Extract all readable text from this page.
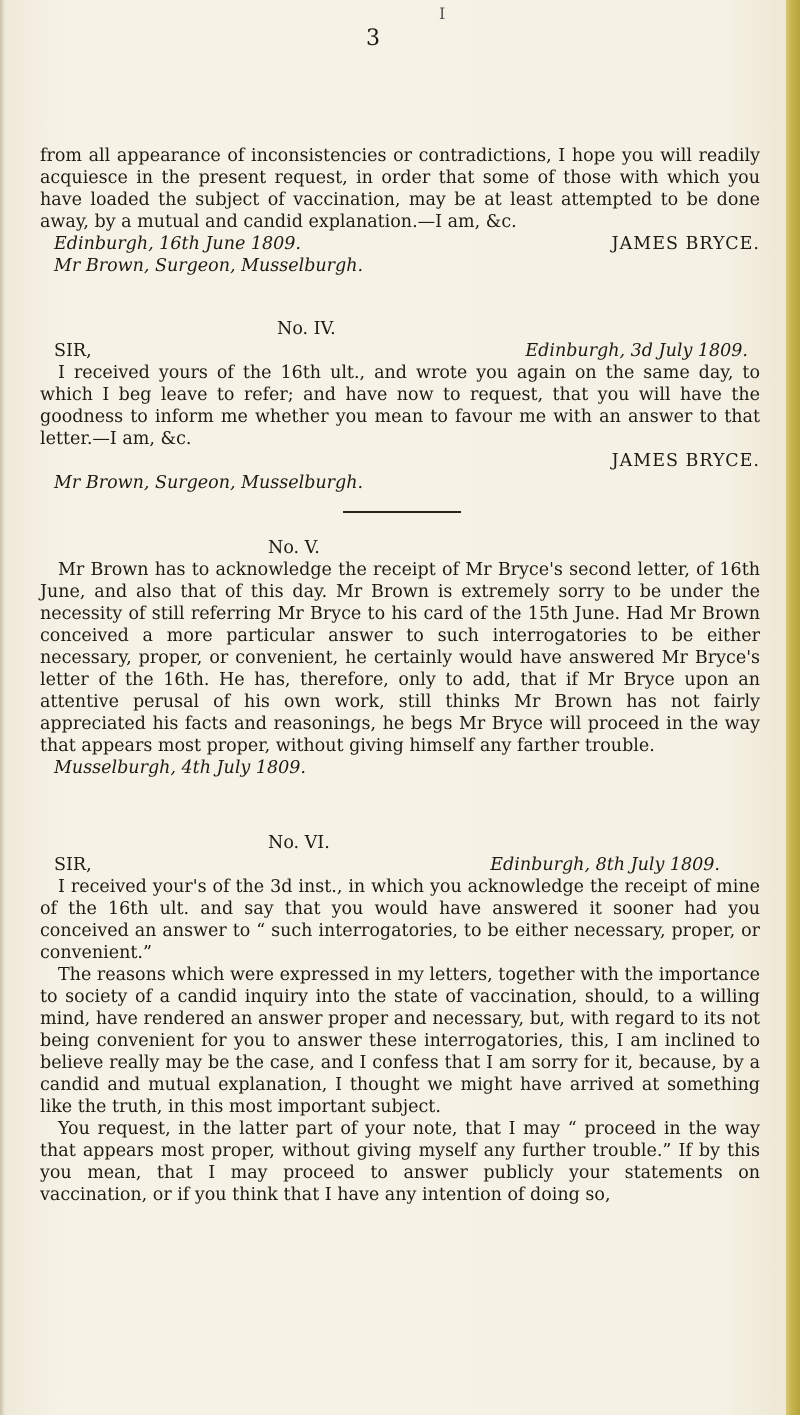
I
3

from all appearance of inconsistencies or contradictions, I hope you will readily acquiesce in the present request, in order that some of those with which you have loaded the subject of vaccination, may be at least attempted to be done away, by a mutual and candid explanation.—I am, &c.

Edinburgh, 16th June 1809.	JAMES BRYCE.

Mr Brown, Surgeon, Musselburgh.

No. IV.

SIR,	Edinburgh, 3d July 1809.

I received yours of the 16th ult., and wrote you again on the same day, to which I beg leave to refer; and have now to request, that you will have the goodness to inform me whether you mean to favour me with an answer to that letter.—I am, &c.

JAMES BRYCE.

Mr Brown, Surgeon, Musselburgh.

No. V.

Mr Brown has to acknowledge the receipt of Mr Bryce's second letter, of 16th June, and also that of this day. Mr Brown is extremely sorry to be under the necessity of still referring Mr Bryce to his card of the 15th June. Had Mr Brown conceived a more particular answer to such interrogatories to be either necessary, proper, or convenient, he certainly would have answered Mr Bryce's letter of the 16th. He has, therefore, only to add, that if Mr Bryce upon an attentive perusal of his own work, still thinks Mr Brown has not fairly appreciated his facts and reasonings, he begs Mr Bryce will proceed in the way that appears most proper, without giving himself any farther trouble.

Musselburgh, 4th July 1809.

No. VI.

SIR,	Edinburgh, 8th July 1809.

I received your's of the 3d inst., in which you acknowledge the receipt of mine of the 16th ult. and say that you would have answered it sooner had you conceived an answer to “ such interrogatories, to be either necessary, proper, or convenient.”

The reasons which were expressed in my letters, together with the importance to society of a candid inquiry into the state of vaccination, should, to a willing mind, have rendered an answer proper and necessary, but, with regard to its not being convenient for you to answer these interrogatories, this, I am inclined to believe really may be the case, and I confess that I am sorry for it, because, by a candid and mutual explanation, I thought we might have arrived at something like the truth, in this most important subject.

You request, in the latter part of your note, that I may “ proceed in the way that appears most proper, without giving myself any further trouble.” If by this you mean, that I may proceed to answer publicly your statements on vaccination, or if you think that I have any intention of doing so,
